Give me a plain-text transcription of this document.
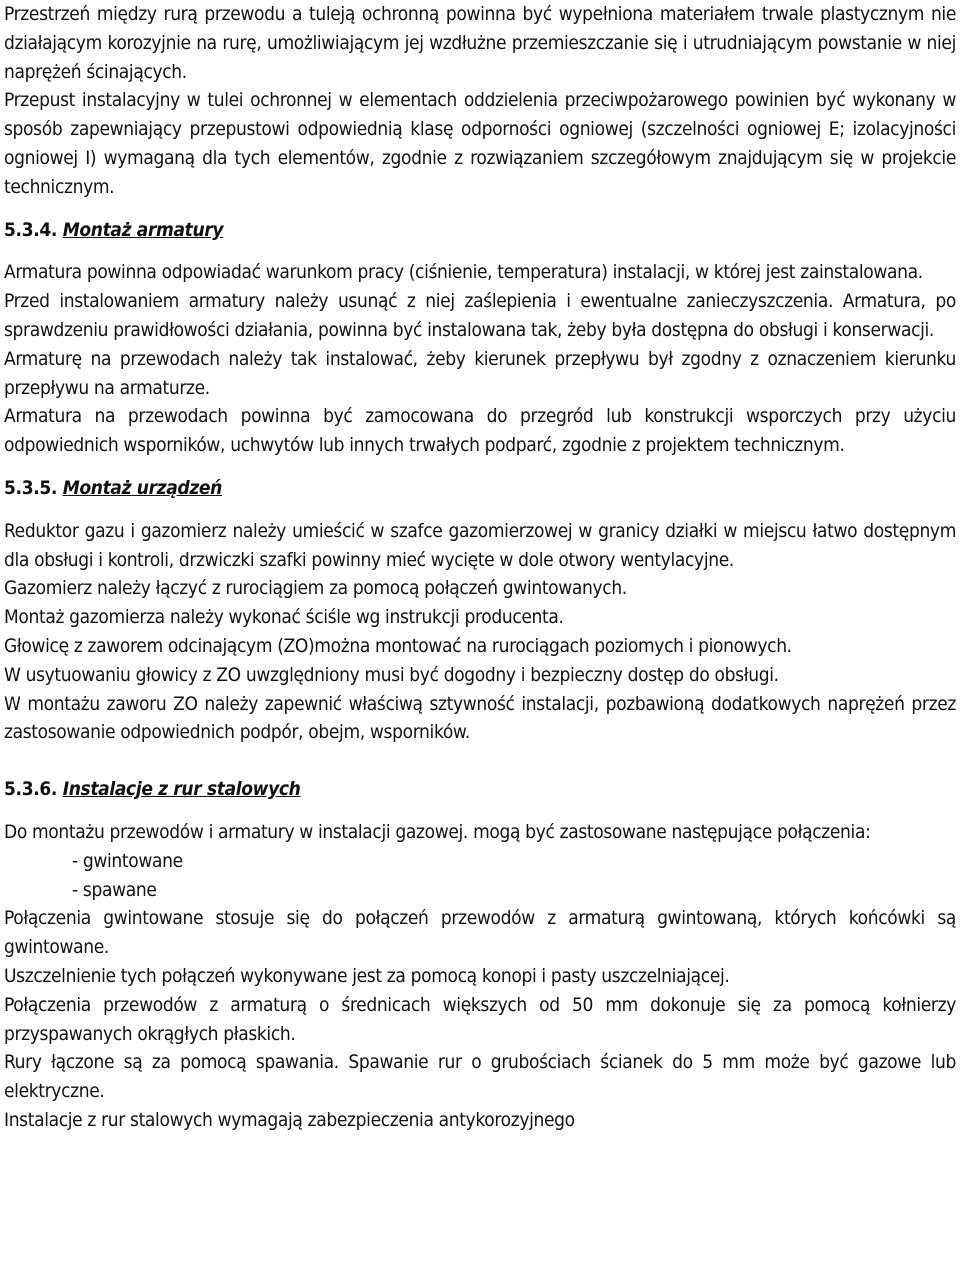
Przestrzeń między rurą przewodu a tuleją ochronną powinna być wypełniona materiałem trwale plastycznym nie działającym korozyjnie na rurę, umożliwiającym jej wzdłużne przemieszczanie się i utrudniającym powstanie w niej naprężeń ścinających.

Przepust instalacyjny w tulei ochronnej w elementach oddzielenia przeciwpożarowego powinien być wykonany w sposób zapewniający przepustowi odpowiednią klasę odporności ogniowej (szczelności ogniowej E; izolacyjności ogniowej I) wymaganą dla tych elementów, zgodnie z rozwiązaniem szczegółowym znajdującym się w projekcie technicznym.

5.3.4. Montaż armatury

Armatura powinna odpowiadać warunkom pracy (ciśnienie, temperatura) instalacji, w której jest zainstalowana.

Przed instalowaniem armatury należy usunąć z niej zaślepienia i ewentualne zanieczyszczenia. Armatura, po sprawdzeniu prawidłowości działania, powinna być instalowana tak, żeby była dostępna do obsługi i konserwacji.

Armaturę na przewodach należy tak instalować, żeby kierunek przepływu był zgodny z oznaczeniem kierunku przepływu na armaturze.

Armatura na przewodach powinna być zamocowana do przegród lub konstrukcji wsporczych przy użyciu odpowiednich wsporników, uchwytów lub innych trwałych podparć, zgodnie z projektem technicznym.

5.3.5. Montaż urządzeń

Reduktor gazu i gazomierz należy umieścić w szafce gazomierzowej w granicy działki w miejscu łatwo dostępnym dla obsługi i kontroli, drzwiczki szafki powinny mieć wycięte w dole otwory wentylacyjne.

Gazomierz należy łączyć z rurociągiem za pomocą połączeń gwintowanych.

Montaż gazomierza należy wykonać ściśle wg instrukcji producenta.

Głowicę z zaworem odcinającym (ZO)można montować na rurociągach poziomych i pionowych.

W usytuowaniu głowicy z ZO uwzględniony musi być dogodny i bezpieczny dostęp do obsługi.

W montażu zaworu ZO należy zapewnić właściwą sztywność instalacji, pozbawioną dodatkowych naprężeń przez zastosowanie odpowiednich podpór, obejm, wsporników.

5.3.6. Instalacje z rur stalowych

Do montażu przewodów i armatury w instalacji gazowej. mogą być zastosowane następujące połączenia:

- gwintowane

- spawane

Połączenia gwintowane stosuje się do połączeń przewodów z armaturą gwintowaną, których końcówki są gwintowane.

Uszczelnienie tych połączeń wykonywane jest za pomocą konopi i pasty uszczelniającej.

Połączenia przewodów z armaturą o średnicach większych od 50 mm dokonuje się za pomocą kołnierzy przyspawanych okrągłych płaskich.

Rury łączone są za pomocą spawania. Spawanie rur o grubościach ścianek do 5 mm może być gazowe lub elektryczne.

Instalacje z rur stalowych wymagają zabezpieczenia antykorozyjnego
